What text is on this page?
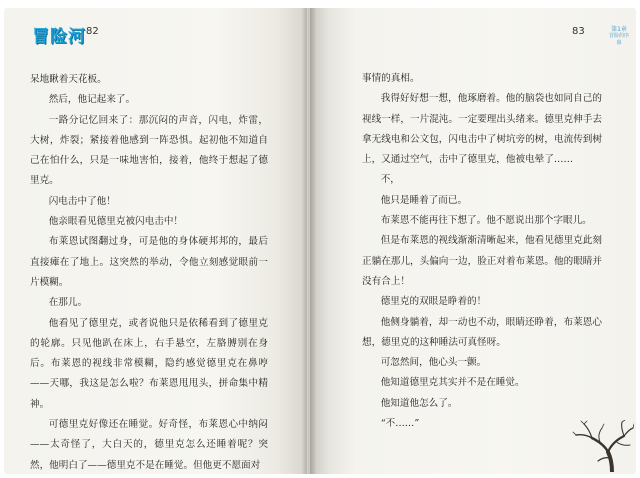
冒险河 82

呆地瞅着天花板。

然后，他记起来了。

一路分记忆回来了：那沉闷的声音，闪电，炸雷，大树，炸裂；紧接着他感到一阵恐惧。起初他不知道自己在怕什么，只是一味地害怕，接着，他终于想起了德里克。

闪电击中了他！

他亲眼看见德里克被闪电击中！

布莱恩试图翻过身，可是他的身体硬邦邦的，最后直接瘫在了地上。这突然的举动，令他立刻感觉眼前一片模糊。

在那儿。

他看见了德里克，或者说他只是依稀看到了德里克的轮廓。只见他趴在床上，右手悬空，左胳膊别在身后。布莱恩的视线非常模糊，隐约感觉德里克在鼻哼——天哪，我这是怎么啦？布莱恩甩甩头，拼命集中精神。

可德里克好像还在睡觉。好奇怪，布莱恩心中纳闷——太奇怪了，大白天的，德里克怎么还睡着呢？突然，他明白了——德里克不是在睡觉。但他更不愿面对

83	第1章
冒险的序幕

事情的真相。

我得好好想一想，他琢磨着。他的脑袋也如同自己的视线一样，一片混沌。一定要理出头绪来。德里克伸手去拿无线电和公文包，闪电击中了树坑旁的树，电流传到树上，又通过空气，击中了德里克，他被电晕了……

不，

他只是睡着了而已。

布莱恩不能再往下想了。他不愿说出那个字眼儿。

但是布莱恩的视线渐渐清晰起来，他看见德里克此刻正躺在那儿，头偏向一边，脸正对着布莱恩。他的眼睛并没有合上！

德里克的双眼是睁着的！

他侧身躺着，却一动也不动，眼睛还睁着，布莱恩心想，德里克的这种睡法可真怪呀。

可忽然间，他心头一颤。

他知道德里克其实并不是在睡觉。

他知道他怎么了。

“不……”
